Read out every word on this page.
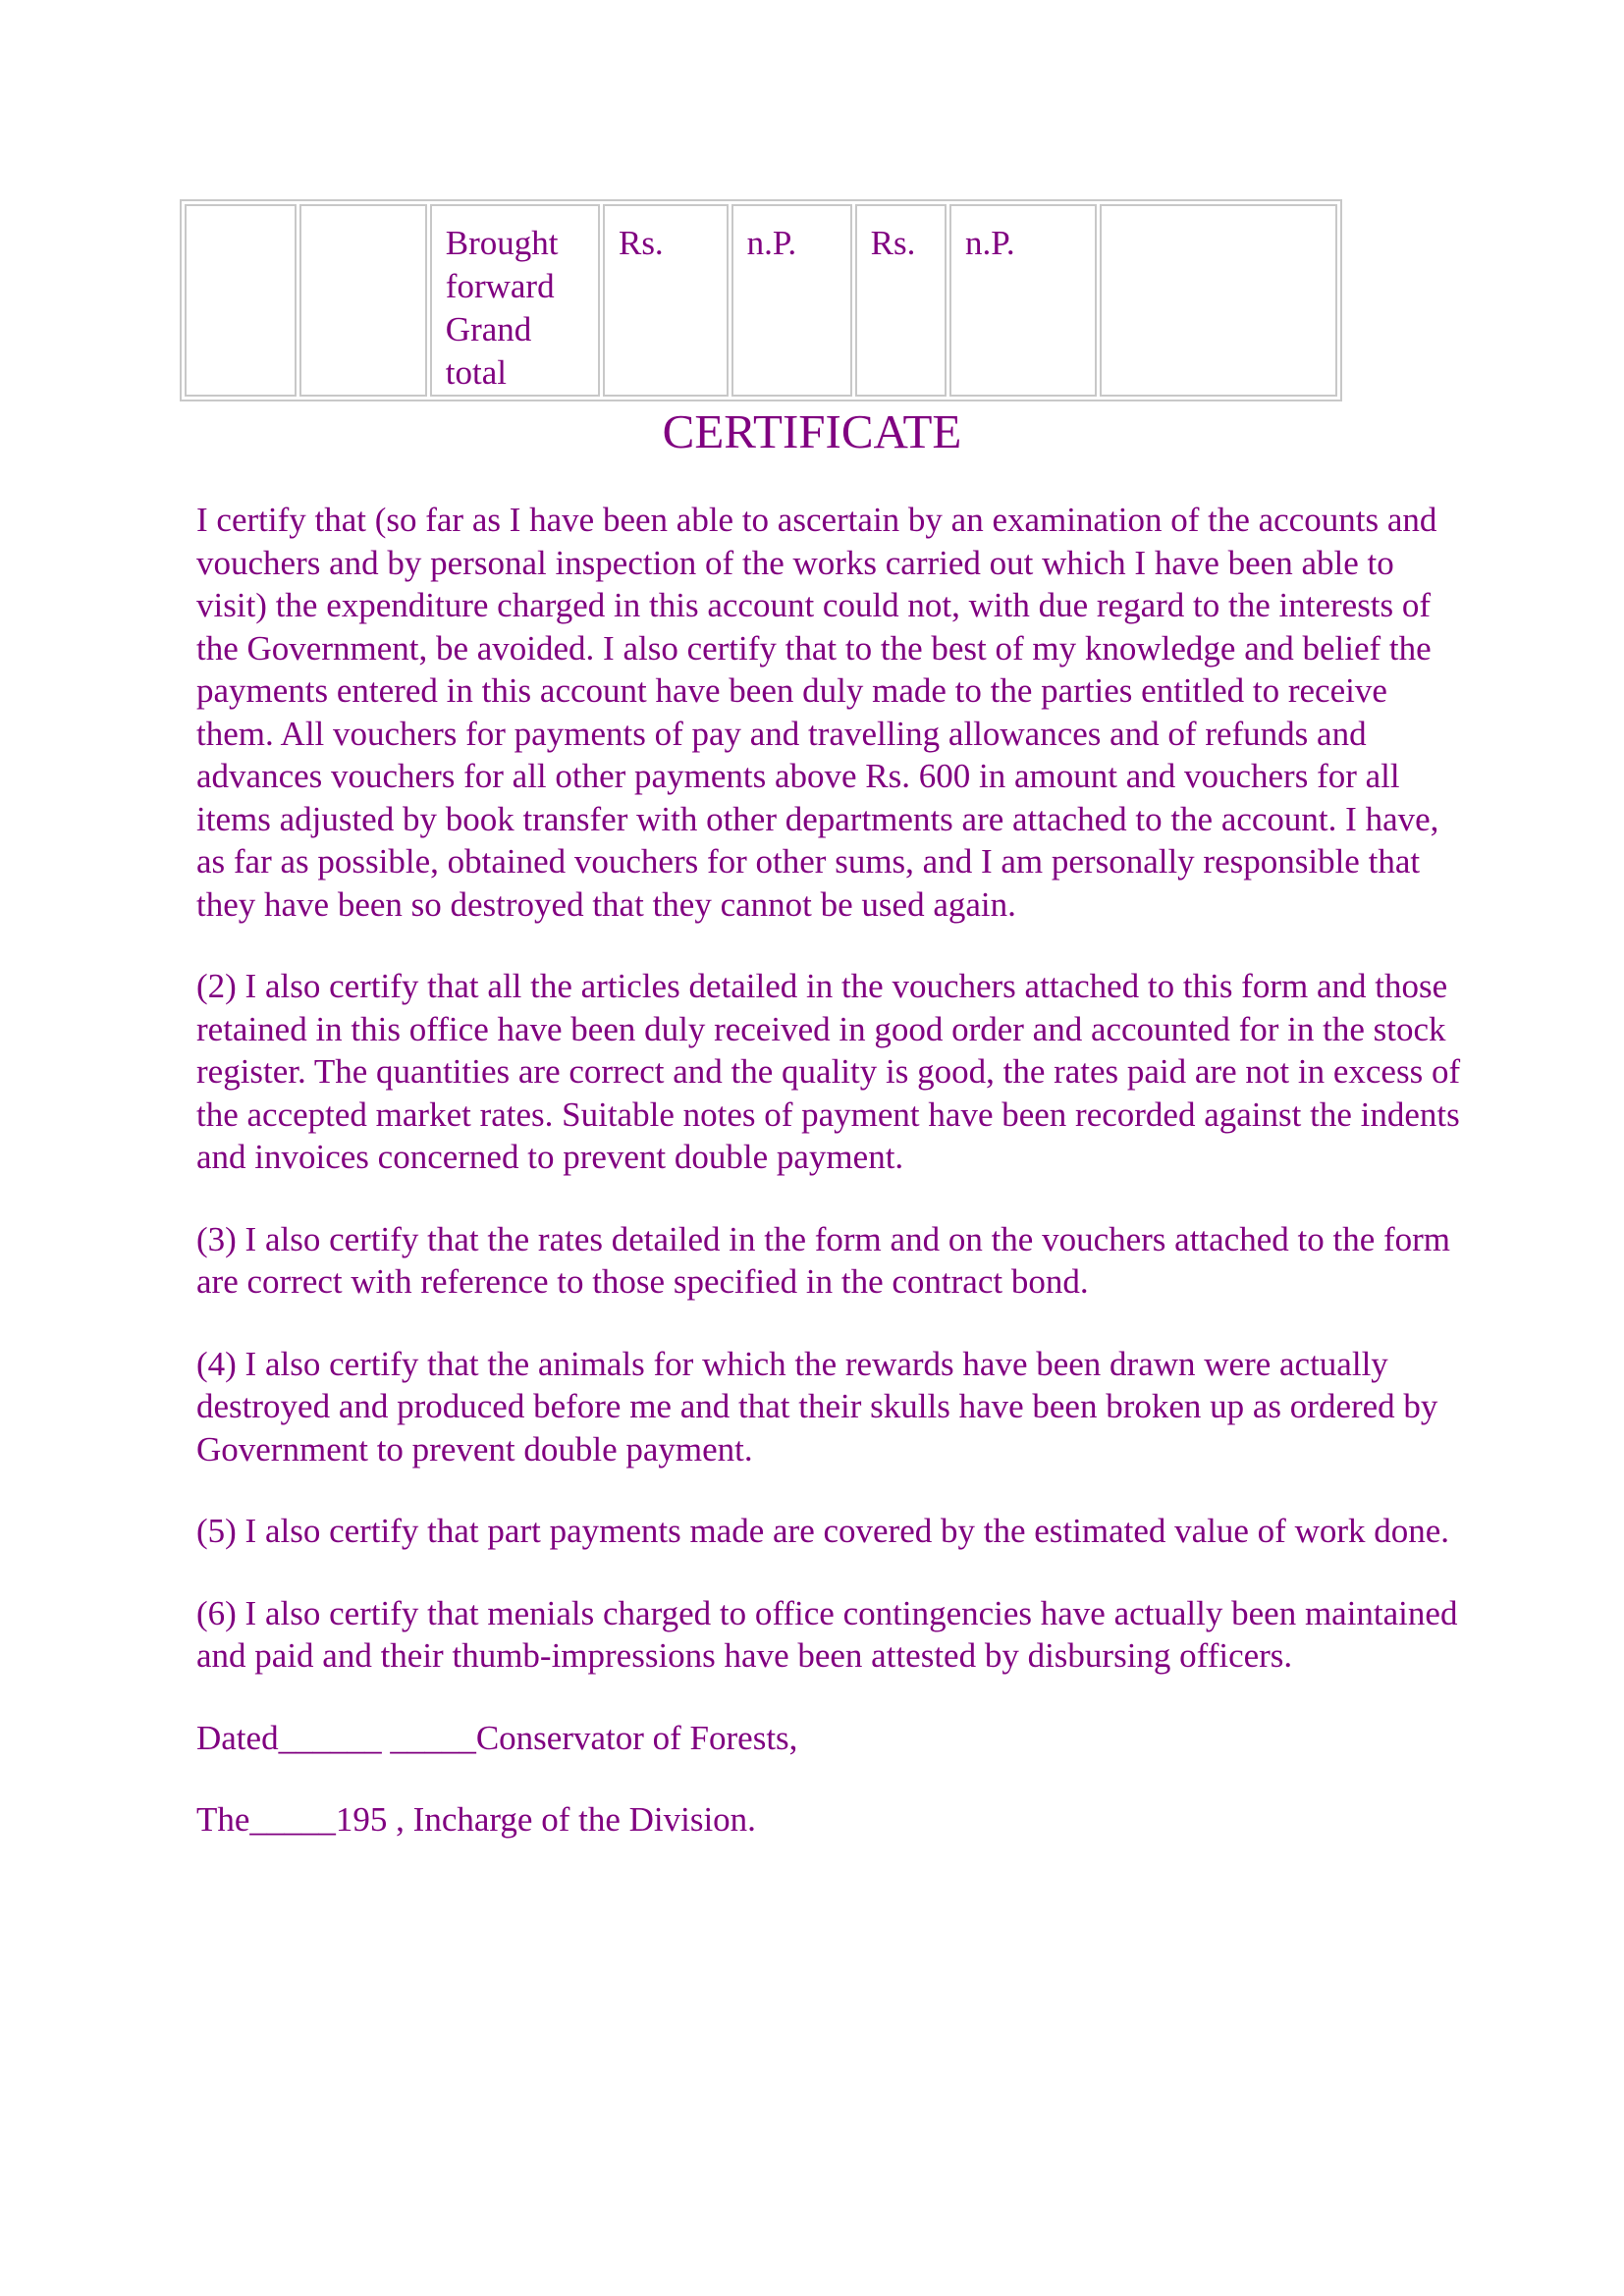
		Brought forward Grand total	Rs.	n.P.	Rs.	n.P.	
CERTIFICATE

I certify that (so far as I have been able to ascertain by an examination of the accounts and vouchers and by personal inspection of the works carried out which I have been able to visit) the expenditure charged in this account could not, with due regard to the interests of the Government, be avoided. I also certify that to the best of my knowledge and belief the payments entered in this account have been duly made to the parties entitled to receive them. All vouchers for payments of pay and travelling allowances and of refunds and advances vouchers for all other payments above Rs. 600 in amount and vouchers for all items adjusted by book transfer with other departments are attached to the account. I have, as far as possible, obtained vouchers for other sums, and I am personally responsible that they have been so destroyed that they cannot be used again.

(2) I also certify that all the articles detailed in the vouchers attached to this form and those retained in this office have been duly received in good order and accounted for in the stock register. The quantities are correct and the quality is good, the rates paid are not in excess of the accepted market rates. Suitable notes of payment have been recorded against the indents and invoices concerned to prevent double payment.

(3) I also certify that the rates detailed in the form and on the vouchers attached to the form are correct with reference to those specified in the contract bond.

(4) I also certify that the animals for which the rewards have been drawn were actually destroyed and produced before me and that their skulls have been broken up as ordered by Government to prevent double payment.

(5) I also certify that part payments made are covered by the estimated value of work done.

(6) I also certify that menials charged to office contingencies have actually been maintained and paid and their thumb-impressions have been attested by disbursing officers.

Dated______ _____Conservator of Forests,

The_____195 , Incharge of the Division.
